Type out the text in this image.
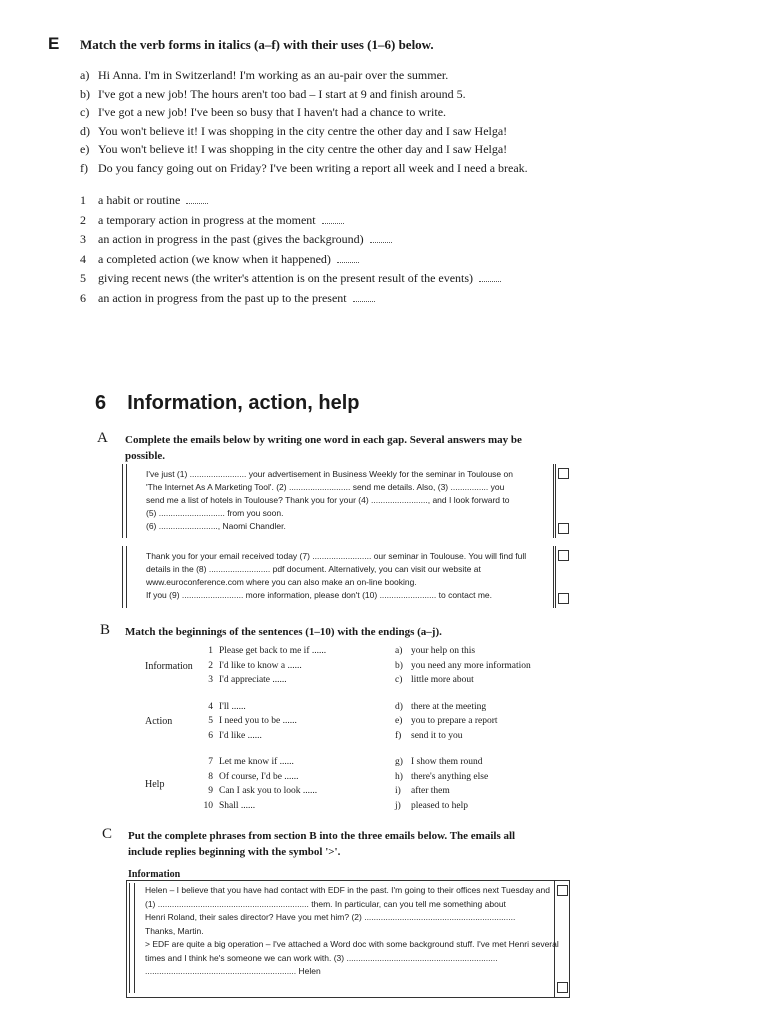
E Match the verb forms in italics (a–f) with their uses (1–6) below.
a) Hi Anna. I'm in Switzerland! I'm working as an au-pair over the summer.
b) I've got a new job! The hours aren't too bad – I start at 9 and finish around 5.
c) I've got a new job! I've been so busy that I haven't had a chance to write.
d) You won't believe it! I was shopping in the city centre the other day and I saw Helga!
e) You won't believe it! I was shopping in the city centre the other day and I saw Helga!
f) Do you fancy going out on Friday? I've been writing a report all week and I need a break.
1 a habit or routine
2 a temporary action in progress at the moment
3 an action in progress in the past (gives the background)
4 a completed action (we know when it happened)
5 giving recent news (the writer's attention is on the present result of the events)
6 an action in progress from the past up to the present
6 Information, action, help
A Complete the emails below by writing one word in each gap. Several answers may be
possible.
I've just (1) ........................ your advertisement in Business Weekly for the seminar in Toulouse on
'The Internet As A Marketing Tool'. (2) .......................... send me details. Also, (3) ................ you
send me a list of hotels in Toulouse? Thank you for your (4) ........................, and I look forward to
(5) ............................ from you soon.
(6) ........................., Naomi Chandler.
Thank you for your email received today (7) ......................... our seminar in Toulouse. You will find full
details in the (8) .......................... pdf document. Alternatively, you can visit our website at
www.euroconference.com where you can also make an on-line booking.
If you (9) .......................... more information, please don't (10) ........................ to contact me.
B Match the beginnings of the sentences (1–10) with the endings (a–j).
Information
1 Please get back to me if ......
2 I'd like to know a ......
3 I'd appreciate ......
a) your help on this
b) you need any more information
c) little more about
Action
4 I'll ......
5 I need you to be ......
6 I'd like ......
d) there at the meeting
e) you to prepare a report
f) send it to you
Help
7 Let me know if ......
8 Of course, I'd be ......
9 Can I ask you to look ......
10 Shall ......
g) I show them round
h) there's anything else
i) after them
j) pleased to help
C Put the complete phrases from section B into the three emails below. The emails all
include replies beginning with the symbol '>'.
Information
Helen – I believe that you have had contact with EDF in the past. I'm going to their offices next Tuesday and
(1) ................................................................ them. In particular, can you tell me something about
Henri Roland, their sales director? Have you met him? (2) ................................................................
Thanks, Martin.
> EDF are quite a big operation – I've attached a Word doc with some background stuff. I've met Henri several
times and I think he's someone we can work with. (3) ................................................................
................................................................ Helen
